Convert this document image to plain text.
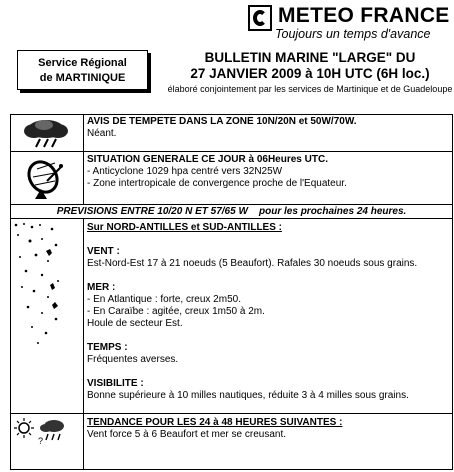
METEO FRANCE
Toujours un temps d'avance
Service Régional
de MARTINIQUE
BULLETIN MARINE "LARGE" DU
27 JANVIER 2009 à 10H UTC (6H loc.)
élaboré conjointement par les services de Martinique et de Guadeloupe
?
AVIS DE TEMPETE DANS LA ZONE 10N/20N et 50W/70W.
Néant.
SITUATION GENERALE CE JOUR à 06Heures UTC.
- Anticyclone 1029 hpa centré vers 32N25W
- Zone intertropicale de convergence proche de l'Equateur.
PREVISIONS ENTRE 10/20 N ET 57/65 W pour les prochaines 24 heures.
Sur NORD-ANTILLES et SUD-ANTILLES :
VENT :
Est-Nord-Est 17 à 21 noeuds (5 Beaufort). Rafales 30 noeuds sous grains.
MER :
- En Atlantique : forte, creux 2m50.
- En Caraïbe : agitée, creux 1m50 à 2m.
Houle de secteur Est.
TEMPS :
Fréquentes averses.
VISIBILITE :
Bonne supérieure à 10 milles nautiques, réduite 3 à 4 milles sous grains.
TENDANCE POUR LES 24 à 48 HEURES SUIVANTES :
Vent force 5 à 6 Beaufort et mer se creusant.
